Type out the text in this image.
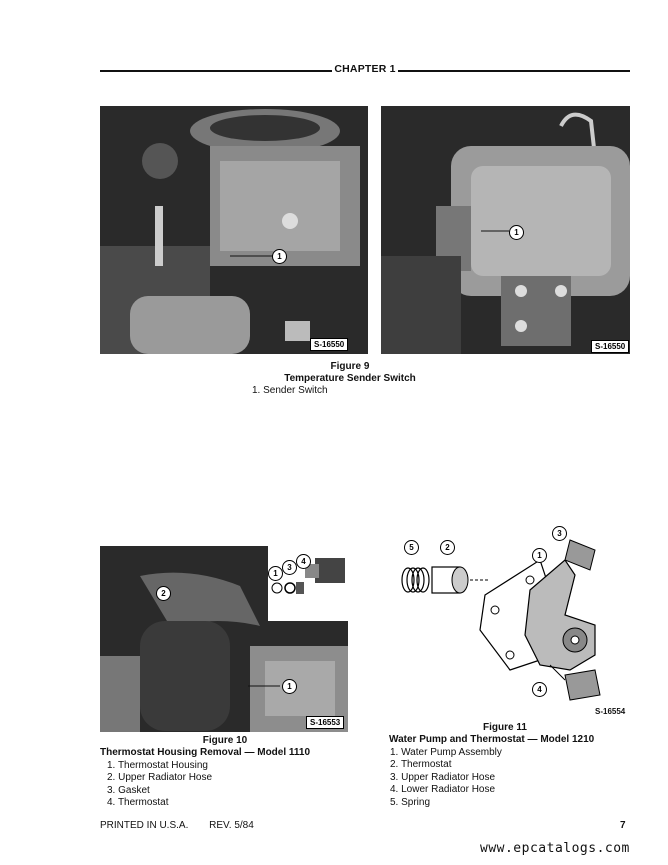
CHAPTER 1
1
S-16550
1
S-16550
Figure 9
Temperature Sender Switch
1. Sender Switch
2
1
3
4
1
S-16553
Figure 10
Thermostat Housing Removal — Model 1110
1. Thermostat Housing
2. Upper Radiator Hose
3. Gasket
4. Thermostat
5	2
3
1
4
S-16554
Figure 11
Water Pump and Thermostat — Model 1210
1. Water Pump Assembly
2. Thermostat
3. Upper Radiator Hose
4. Lower Radiator Hose
5. Spring
PRINTED IN U.S.A. REV. 5/84	7
www.epcatalogs.com
